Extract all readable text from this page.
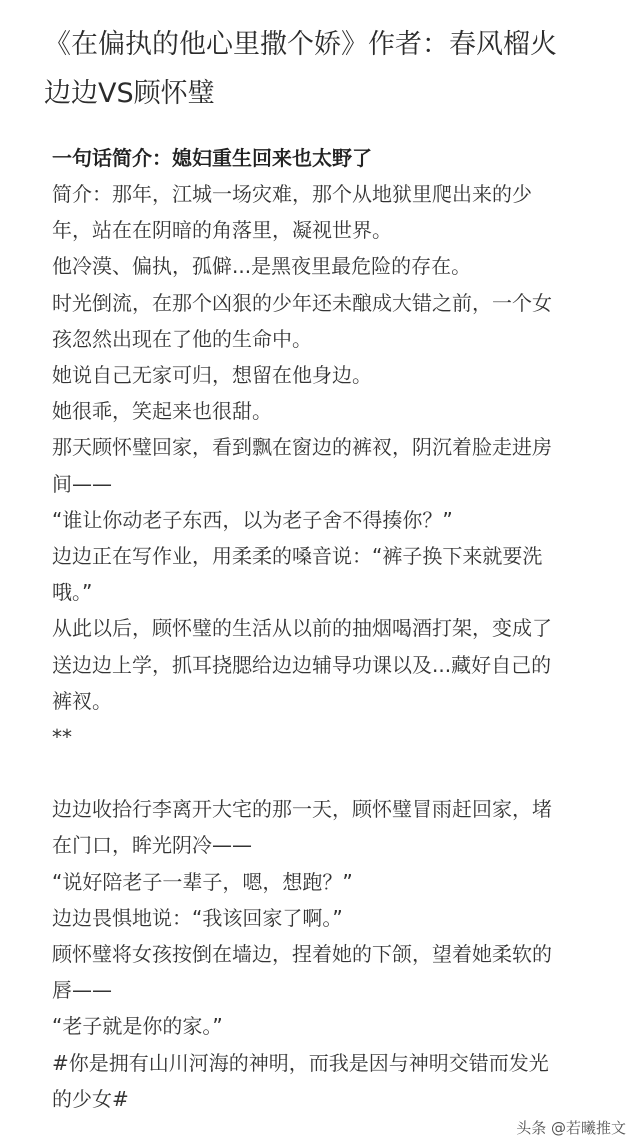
《在偏执的他心里撒个娇》作者：春风榴火
边边VS顾怀璧
一句话简介：媳妇重生回来也太野了
简介：那年，江城一场灾难，那个从地狱里爬出来的少
年，站在在阴暗的角落里，凝视世界。
他冷漠、偏执，孤僻...是黑夜里最危险的存在。
时光倒流，在那个凶狠的少年还未酿成大错之前，一个女
孩忽然出现在了他的生命中。
她说自己无家可归，想留在他身边。
她很乖，笑起来也很甜。
那天顾怀璧回家，看到飘在窗边的裤衩，阴沉着脸走进房
间——
“谁让你动老子东西，以为老子舍不得揍你？”
边边正在写作业，用柔柔的嗓音说：“裤子换下来就要洗
哦。”
从此以后，顾怀璧的生活从以前的抽烟喝酒打架，变成了
送边边上学，抓耳挠腮给边边辅导功课以及...藏好自己的
裤衩。
**
边边收拾行李离开大宅的那一天，顾怀璧冒雨赶回家，堵
在门口，眸光阴冷——
“说好陪老子一辈子，嗯，想跑？”
边边畏惧地说：“我该回家了啊。”
顾怀璧将女孩按倒在墙边，捏着她的下颌，望着她柔软的
唇——
“老子就是你的家。”
#你是拥有山川河海的神明，而我是因与神明交错而发光
的少女#
头条 @若曦推文
